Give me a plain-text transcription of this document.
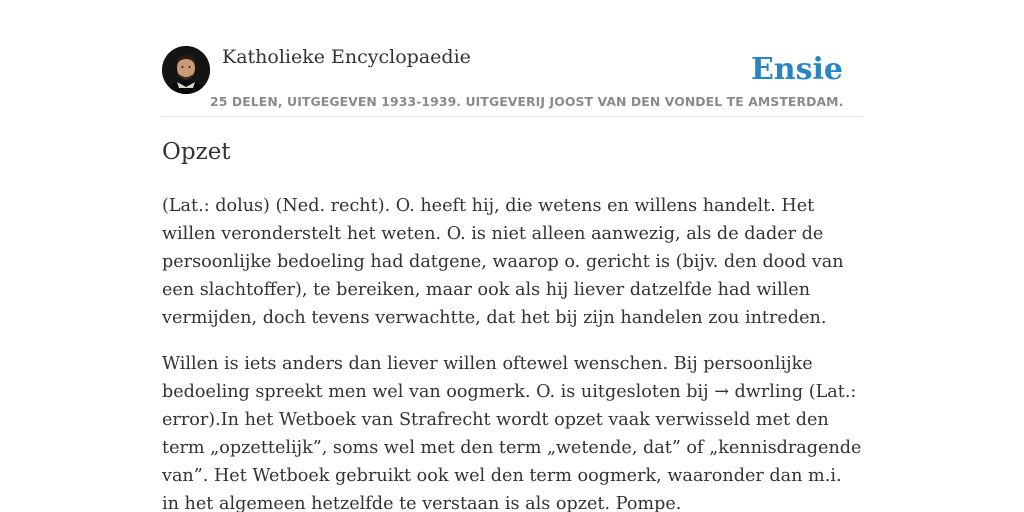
Katholieke Encyclopaedie
25 DELEN, UITGEGEVEN 1933-1939. UITGEVERIJ JOOST VAN DEN VONDEL TE AMSTERDAM.
Ensie
Opzet

(Lat.: dolus) (Ned. recht). O. heeft hij, die wetens en willens handelt. Het willen veronderstelt het weten. O. is niet alleen aanwezig, als de dader de persoonlijke bedoeling had datgene, waarop o. gericht is (bijv. den dood van een slachtoffer), te bereiken, maar ook als hij liever datzelfde had willen vermijden, doch tevens verwachtte, dat het bij zijn handelen zou intreden.

Willen is iets anders dan liever willen oftewel wenschen. Bij persoonlijke bedoeling spreekt men wel van oogmerk. O. is uitgesloten bij → dwrling (Lat.: error).In het Wetboek van Strafrecht wordt opzet vaak verwisseld met den term „opzettelijk”, soms wel met den term „wetende, dat” of „kennisdragende van”. Het Wetboek gebruikt ook wel den term oogmerk, waaronder dan m.i. in het algemeen hetzelfde te verstaan is als opzet. Pompe.
